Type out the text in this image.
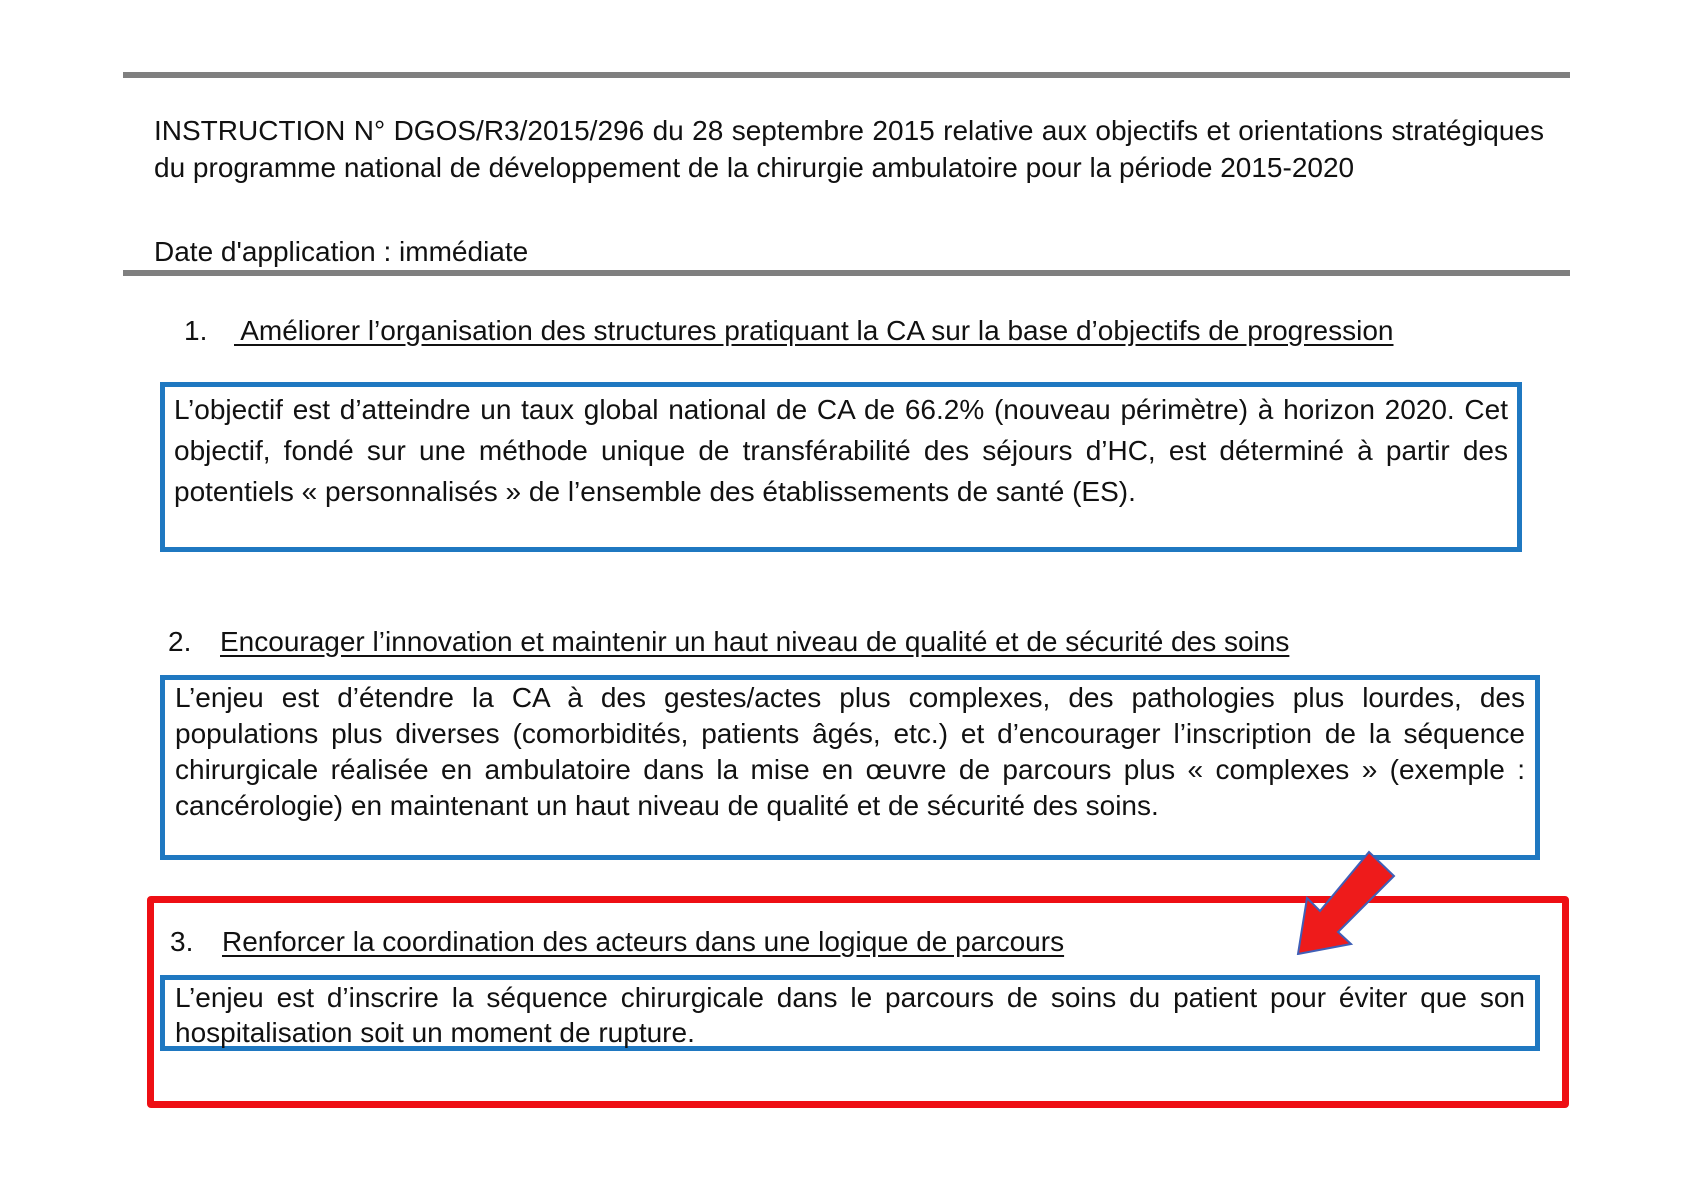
INSTRUCTION N° DGOS/R3/2015/296 du 28 septembre 2015 relative aux objectifs et orientations stratégiques du programme national de développement de la chirurgie ambulatoire pour la période 2015-2020
Date d'application : immédiate
1. Améliorer l’organisation des structures pratiquant la CA sur la base d’objectifs de progression

L’objectif est d’atteindre un taux global national de CA de 66.2% (nouveau périmètre) à horizon 2020. Cet objectif, fondé sur une méthode unique de transférabilité des séjours d’HC, est déterminé à partir des potentiels « personnalisés » de l’ensemble des établissements de santé (ES).

2. Encourager l’innovation et maintenir un haut niveau de qualité et de sécurité des soins

L’enjeu est d’étendre la CA à des gestes/actes plus complexes, des pathologies plus lourdes, des populations plus diverses (comorbidités, patients âgés, etc.) et d’encourager l’inscription de la séquence chirurgicale réalisée en ambulatoire dans la mise en œuvre de parcours plus « complexes » (exemple : cancérologie) en maintenant un haut niveau de qualité et de sécurité des soins.

3. Renforcer la coordination des acteurs dans une logique de parcours

L’enjeu est d’inscrire la séquence chirurgicale dans le parcours de soins du patient pour éviter que son hospitalisation soit un moment de rupture.
